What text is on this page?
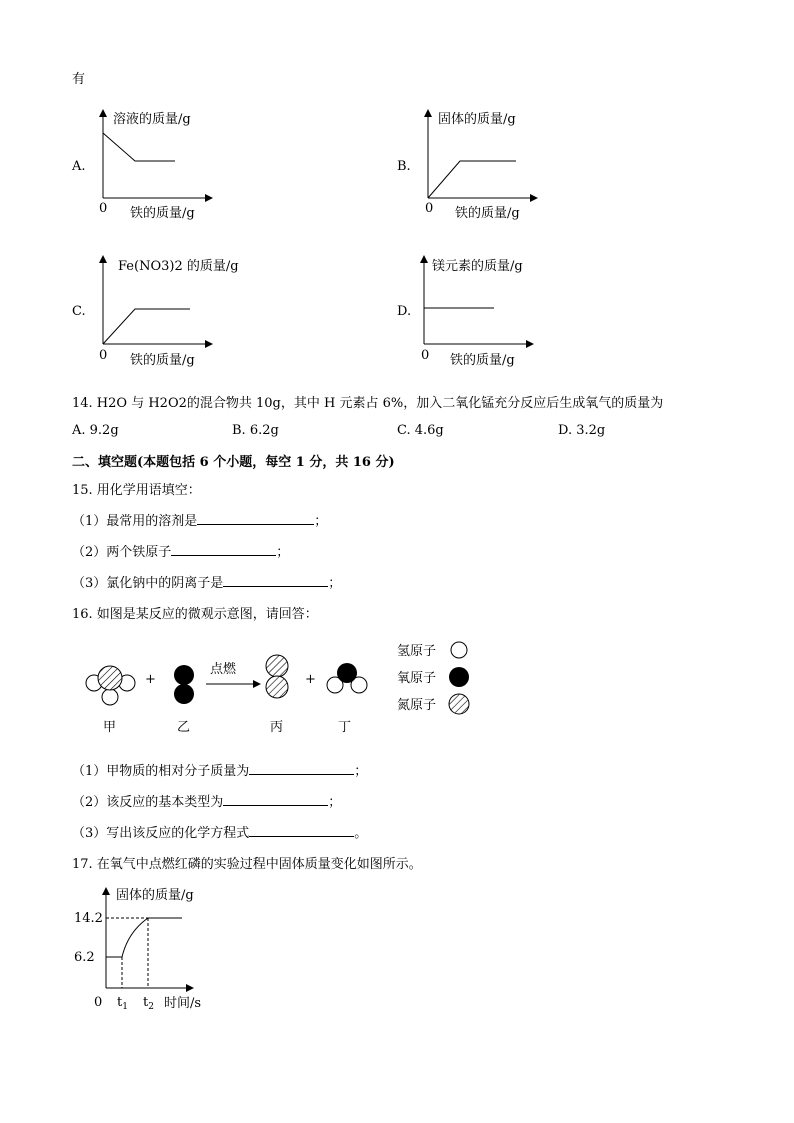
有
A.
溶液的质量/g
铁的质量/g
0
B.
固体的质量/g
铁的质量/g
0
C.
Fe(NO3)2 的质量/g
铁的质量/g
0
D.
镁元素的质量/g
铁的质量/g
0
14. H2O 与 H2O2的混合物共 10g，其中 H 元素占 6%，加入二氧化锰充分反应后生成氧气的质量为
A. 9.2g	B. 6.2g	C. 4.6g	D. 3.2g
二、填空题(本题包括 6 个小题，每空 1 分，共 16 分)
15. 用化学用语填空：
（1）最常用的溶剂是	；
（2）两个铁原子	；
（3）氯化钠中的阴离子是	；
16. 如图是某反应的微观示意图，请回答：
+
点燃
+
甲	乙	丙	丁
氢原子
氧原子
氮原子
（1）甲物质的相对分子质量为	；
（2）该反应的基本类型为	；
（3）写出该反应的化学方程式	。
17. 在氧气中点燃红磷的实验过程中固体质量变化如图所示。
固体的质量/g
时间/s
0
14.2
6.2
$t_1$ $t_2$
